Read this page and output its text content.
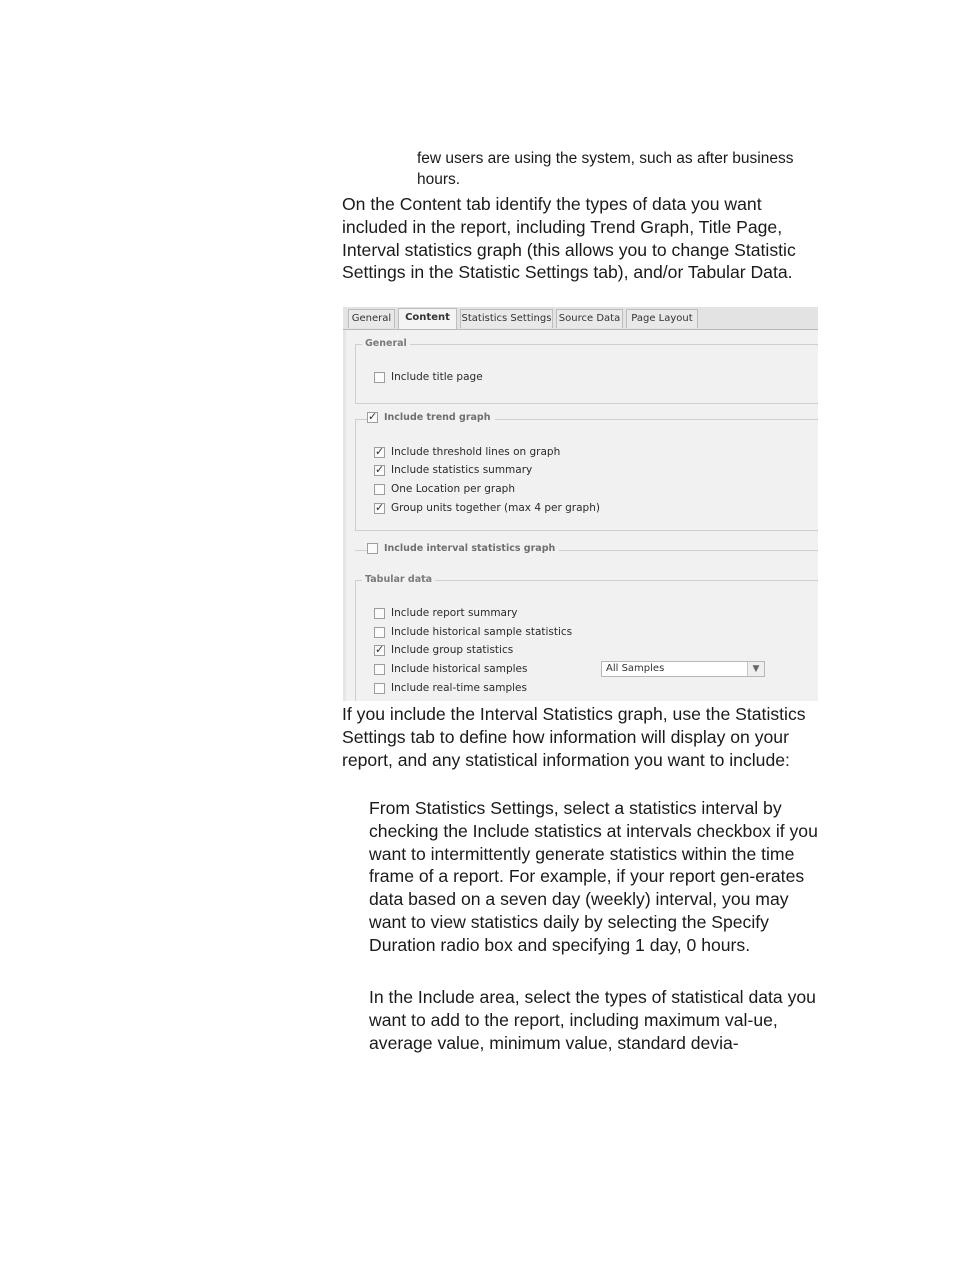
few users are using the system, such as after business hours.

On the Content tab identify the types of data you want included in the report, including Trend Graph, Title Page, Interval statistics graph (this allows you to change Statistic Settings in the Statistic Settings tab), and/or Tabular Data.

General	Content	Statistics Settings Source Data	Page Layout
General
Include title page
✓
Include trend graph
✓
Include threshold lines on graph
✓
Include statistics summary
One Location per graph
✓
Group units together (max 4 per graph)
Include interval statistics graph
Tabular data
Include report summary
Include historical sample statistics
✓
Include group statistics
Include historical samples	All Samples	▼
Include real-time samples

If you include the Interval Statistics graph, use the Statistics Settings tab to define how information will display on your report, and any statistical information you want to include:

From Statistics Settings, select a statistics interval by checking the Include statistics at intervals checkbox if you want to intermittently generate statistics within the time frame of a report. For example, if your report gen-erates data based on a seven day (weekly) interval, you may want to view statistics daily by selecting the Specify Duration radio box and specifying 1 day, 0 hours.

In the Include area, select the types of statistical data you want to add to the report, including maximum val-ue, average value, minimum value, standard devia-
